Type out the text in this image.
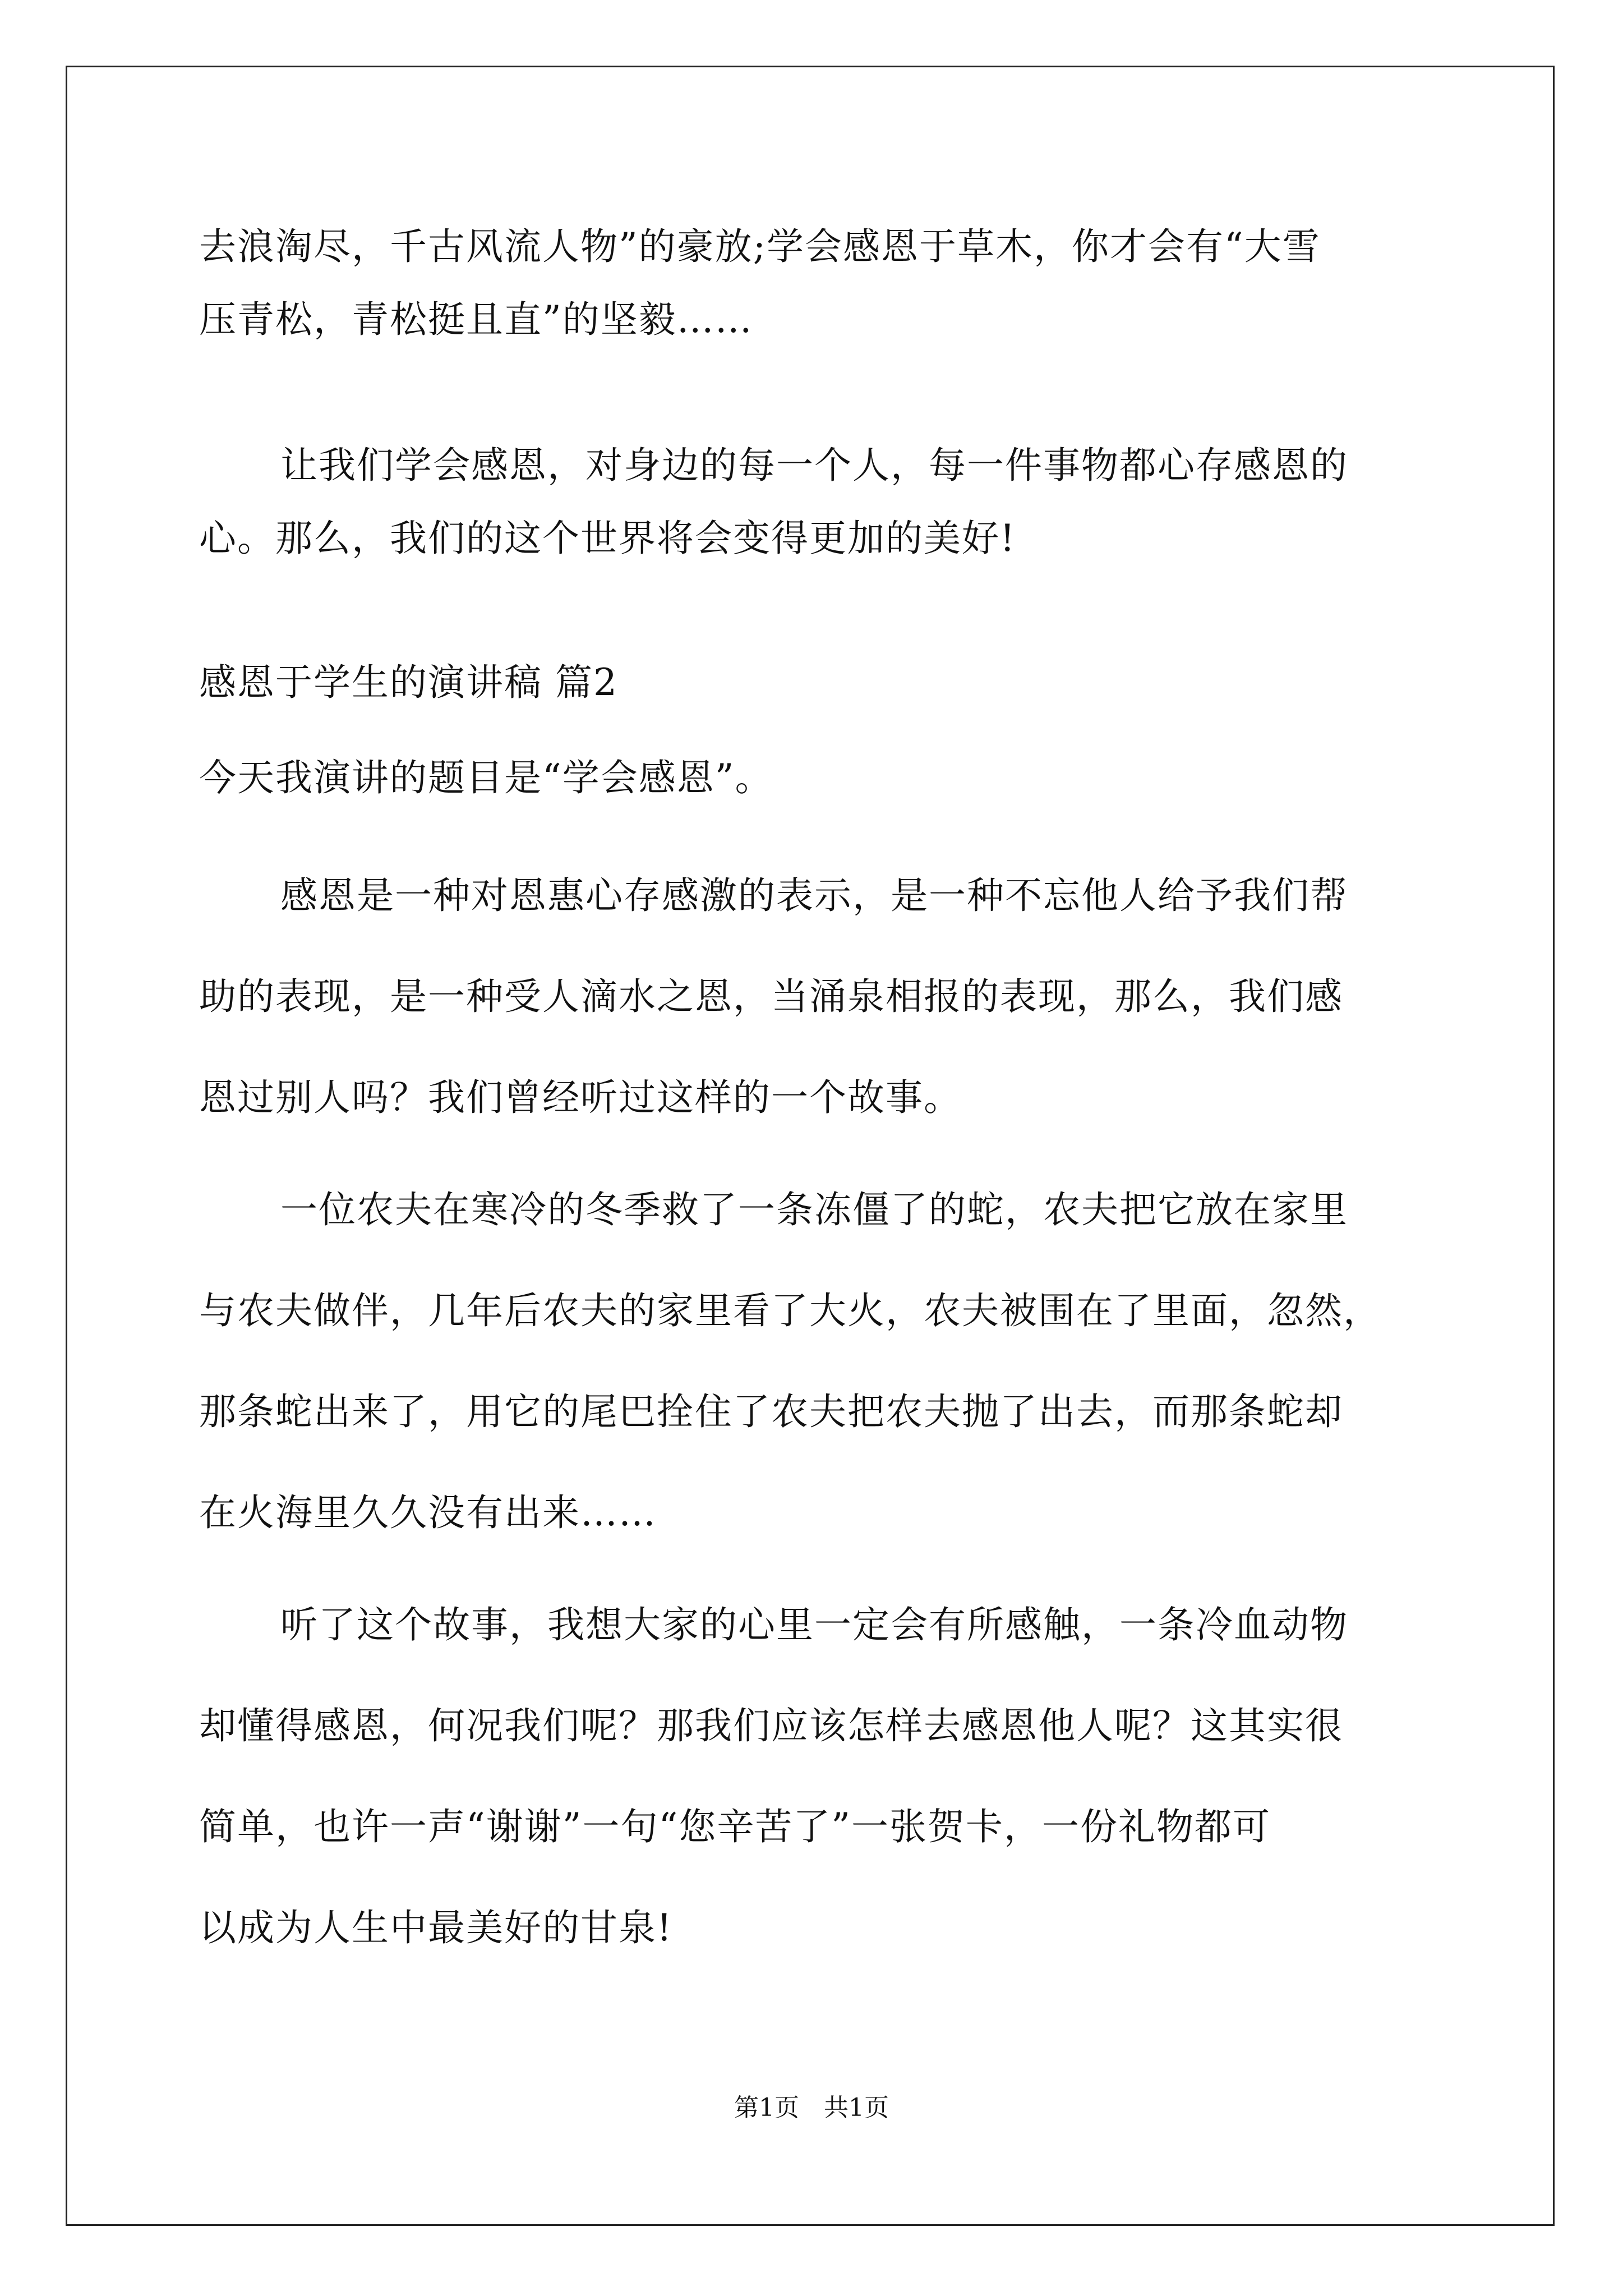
去浪淘尽，千古风流人物”的豪放;学会感恩于草木，你才会有“大雪
压青松，青松挺且直”的坚毅……
让我们学会感恩，对身边的每一个人，每一件事物都心存感恩的
心。那么，我们的这个世界将会变得更加的美好!
感恩于学生的演讲稿 篇2
今天我演讲的题目是“学会感恩”。
感恩是一种对恩惠心存感激的表示，是一种不忘他人给予我们帮
助的表现，是一种受人滴水之恩，当涌泉相报的表现，那么，我们感
恩过别人吗？我们曾经听过这样的一个故事。
一位农夫在寒冷的冬季救了一条冻僵了的蛇，农夫把它放在家里
与农夫做伴，几年后农夫的家里看了大火，农夫被围在了里面，忽然，
那条蛇出来了，用它的尾巴拴住了农夫把农夫抛了出去，而那条蛇却
在火海里久久没有出来……
听了这个故事，我想大家的心里一定会有所感触，一条冷血动物
却懂得感恩，何况我们呢？那我们应该怎样去感恩他人呢？这其实很
简单，也许一声“谢谢”一句“您辛苦了”一张贺卡，一份礼物都可
以成为人生中最美好的甘泉!
第1页　共1页
